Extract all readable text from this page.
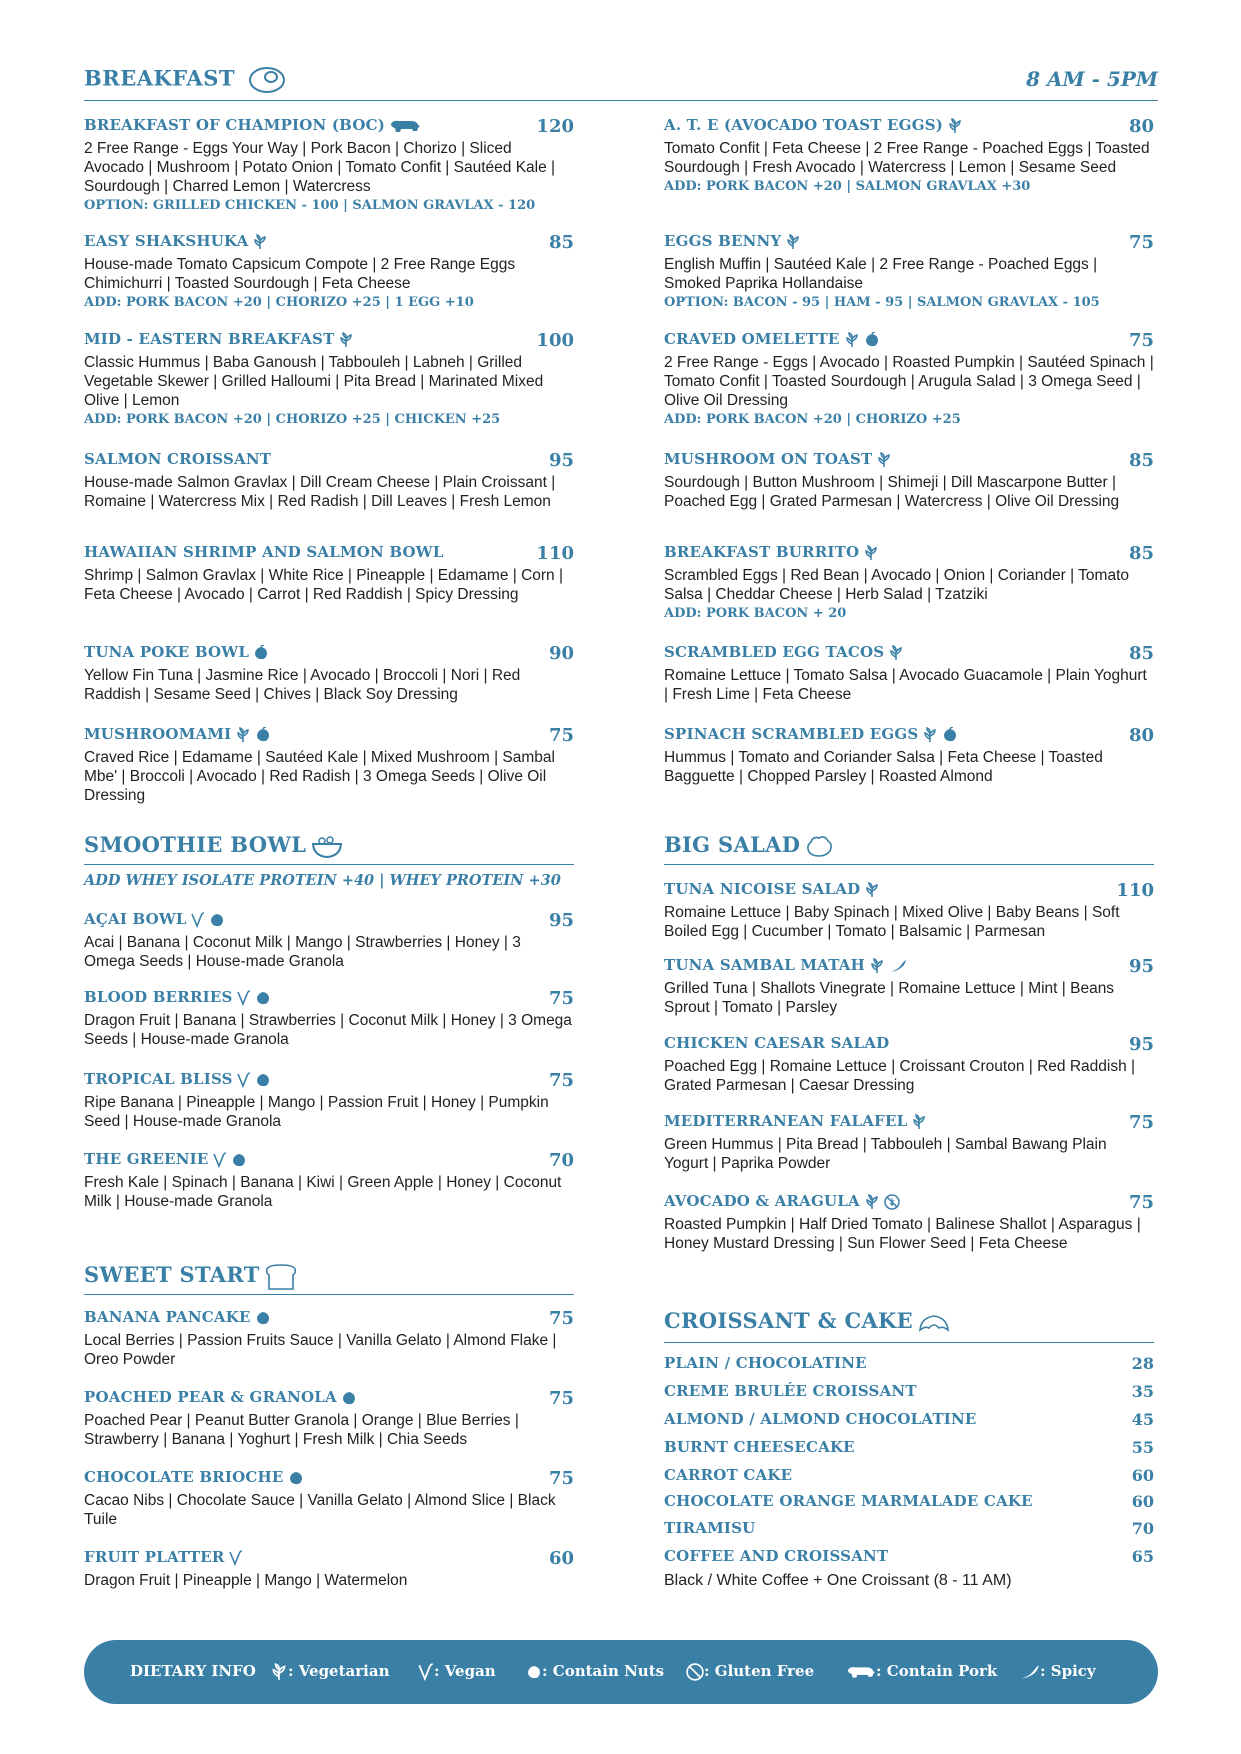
BREAKFAST	8 AM - 5PM
BREAKFAST OF CHAMPION (BOC)	120
2 Free Range - Eggs Your Way | Pork Bacon | Chorizo | Sliced Avocado | Mushroom | Potato Onion | Tomato Confit | Sautéed Kale | Sourdough | Charred Lemon | Watercress
OPTION: GRILLED CHICKEN - 100 | SALMON GRAVLAX - 120
EASY SHAKSHUKA	85
House-made Tomato Capsicum Compote | 2 Free Range Eggs Chimichurri | Toasted Sourdough | Feta Cheese
ADD: PORK BACON +20 | CHORIZO +25 | 1 EGG +10
MID - EASTERN BREAKFAST	100
Classic Hummus | Baba Ganoush | Tabbouleh | Labneh | Grilled Vegetable Skewer | Grilled Halloumi | Pita Bread | Marinated Mixed Olive | Lemon
ADD: PORK BACON +20 | CHORIZO +25 | CHICKEN +25
SALMON CROISSANT	95
House-made Salmon Gravlax | Dill Cream Cheese | Plain Croissant | Romaine | Watercress Mix | Red Radish | Dill Leaves | Fresh Lemon
HAWAIIAN SHRIMP AND SALMON BOWL	110
Shrimp | Salmon Gravlax | White Rice | Pineapple | Edamame | Corn | Feta Cheese | Avocado | Carrot | Red Raddish | Spicy Dressing
TUNA POKE BOWL	90
Yellow Fin Tuna | Jasmine Rice | Avocado | Broccoli | Nori | Red Raddish | Sesame Seed | Chives | Black Soy Dressing
MUSHROOMAMI	75
Craved Rice | Edamame | Sautéed Kale | Mixed Mushroom | Sambal Mbe' | Broccoli | Avocado | Red Radish | 3 Omega Seeds | Olive Oil Dressing
A. T. E (AVOCADO TOAST EGGS)	80
Tomato Confit | Feta Cheese | 2 Free Range - Poached Eggs | Toasted Sourdough | Fresh Avocado | Watercress | Lemon | Sesame Seed
ADD: PORK BACON +20 | SALMON GRAVLAX +30
EGGS BENNY	75
English Muffin | Sautéed Kale | 2 Free Range - Poached Eggs | Smoked Paprika Hollandaise
OPTION: BACON - 95 | HAM - 95 | SALMON GRAVLAX - 105
CRAVED OMELETTE	75
2 Free Range - Eggs | Avocado | Roasted Pumpkin | Sautéed Spinach | Tomato Confit | Toasted Sourdough | Arugula Salad | 3 Omega Seed | Olive Oil Dressing
ADD: PORK BACON +20 | CHORIZO +25
MUSHROOM ON TOAST	85
Sourdough | Button Mushroom | Shimeji | Dill Mascarpone Butter | Poached Egg | Grated Parmesan | Watercress | Olive Oil Dressing
BREAKFAST BURRITO	85
Scrambled Eggs | Red Bean | Avocado | Onion | Coriander | Tomato Salsa | Cheddar Cheese | Herb Salad | Tzatziki
ADD: PORK BACON + 20
SCRAMBLED EGG TACOS	85
Romaine Lettuce | Tomato Salsa | Avocado Guacamole | Plain Yoghurt | Fresh Lime | Feta Cheese
SPINACH SCRAMBLED EGGS	80
Hummus | Tomato and Coriander Salsa | Feta Cheese | Toasted Bagguette | Chopped Parsley | Roasted Almond
SMOOTHIE BOWL
ADD WHEY ISOLATE PROTEIN +40 | WHEY PROTEIN +30
AÇAI BOWL	95
Acai | Banana | Coconut Milk | Mango | Strawberries | Honey | 3 Omega Seeds | House-made Granola
BLOOD BERRIES	75
Dragon Fruit | Banana | Strawberries | Coconut Milk | Honey | 3 Omega Seeds | House-made Granola
TROPICAL BLISS	75
Ripe Banana | Pineapple | Mango | Passion Fruit | Honey | Pumpkin Seed | House-made Granola
THE GREENIE	70
Fresh Kale | Spinach | Banana | Kiwi | Green Apple | Honey | Coconut Milk | House-made Granola
SWEET START
BANANA PANCAKE	75
Local Berries | Passion Fruits Sauce | Vanilla Gelato | Almond Flake | Oreo Powder
POACHED PEAR & GRANOLA	75
Poached Pear | Peanut Butter Granola | Orange | Blue Berries | Strawberry | Banana | Yoghurt | Fresh Milk | Chia Seeds
CHOCOLATE BRIOCHE	75
Cacao Nibs | Chocolate Sauce | Vanilla Gelato | Almond Slice | Black Tuile
FRUIT PLATTER	60
Dragon Fruit | Pineapple | Mango | Watermelon
BIG SALAD
TUNA NICOISE SALAD	110
Romaine Lettuce | Baby Spinach | Mixed Olive | Baby Beans | Soft Boiled Egg | Cucumber | Tomato | Balsamic | Parmesan
TUNA SAMBAL MATAH	95
Grilled Tuna | Shallots Vinegrate | Romaine Lettuce | Mint | Beans Sprout | Tomato | Parsley
CHICKEN CAESAR SALAD	95
Poached Egg | Romaine Lettuce | Croissant Crouton | Red Raddish | Grated Parmesan | Caesar Dressing
MEDITERRANEAN FALAFEL	75
Green Hummus | Pita Bread | Tabbouleh | Sambal Bawang Plain Yogurt | Paprika Powder
AVOCADO & ARAGULA	75
Roasted Pumpkin | Half Dried Tomato | Balinese Shallot | Asparagus | Honey Mustard Dressing | Sun Flower Seed | Feta Cheese
CROISSANT & CAKE
PLAIN / CHOCOLATINE	28
CREME BRULÉE CROISSANT	35
ALMOND / ALMOND CHOCOLATINE	45
BURNT CHEESECAKE	55
CARROT CAKE	60
CHOCOLATE ORANGE MARMALADE CAKE	60
TIRAMISU	70
COFFEE AND CROISSANT	65
Black / White Coffee + One Croissant (8 - 11 AM)
DIETARY INFO	: Vegetarian	: Vegan	: Contain Nuts	: Gluten Free	: Contain Pork	: Spicy
